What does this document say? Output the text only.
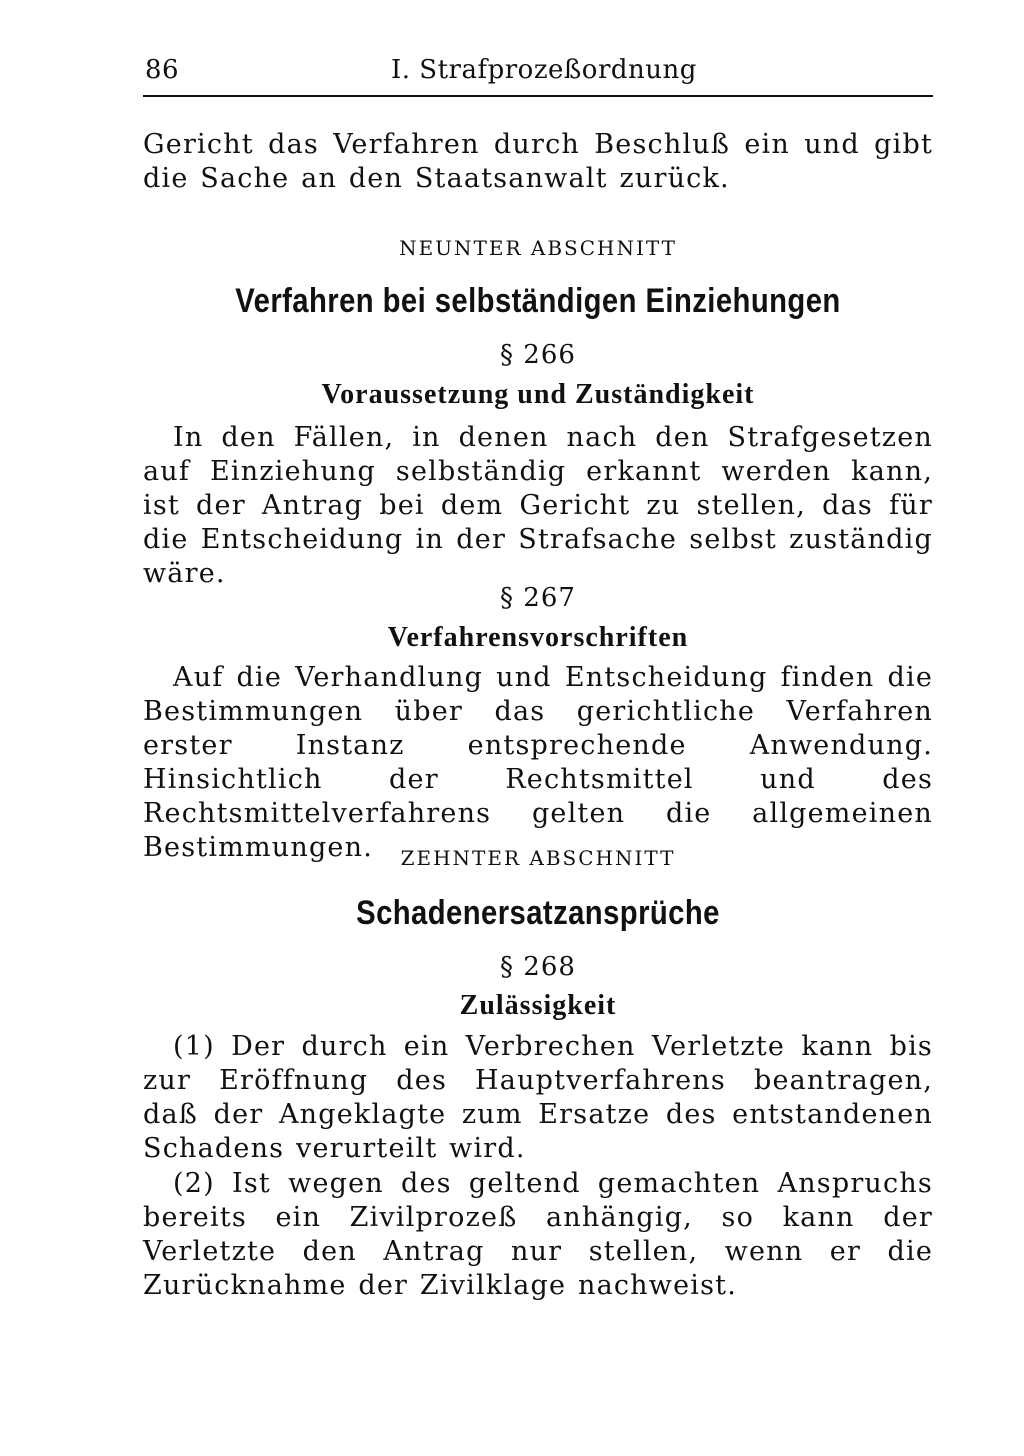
86	I. Strafprozeßordnung

Gericht das Verfahren durch Beschluß ein und gibt die Sache an den Staatsanwalt zurück.

NEUNTER ABSCHNITT
Verfahren bei selbständigen Einziehungen
§ 266
Voraussetzung und Zuständigkeit

In den Fällen, in denen nach den Strafgesetzen auf Einziehung selbständig erkannt werden kann, ist der Antrag bei dem Gericht zu stellen, das für die Entscheidung in der Strafsache selbst zuständig wäre.

§ 267
Verfahrensvorschriften

Auf die Verhandlung und Entscheidung finden die Bestimmungen über das gerichtliche Verfahren erster Instanz entsprechende Anwendung. Hinsichtlich der Rechtsmittel und des Rechtsmittelverfahrens gelten die allgemeinen Bestimmungen.	ZEHNTER ABSCHNITT
Schadenersatzansprüche
§ 268
Zulässigkeit

(1) Der durch ein Verbrechen Verletzte kann bis zur Eröffnung des Hauptverfahrens beantragen, daß der Angeklagte zum Ersatze des entstandenen Schadens verurteilt wird.

(2) Ist wegen des geltend gemachten Anspruchs bereits ein Zivilprozeß anhängig, so kann der Verletzte den Antrag nur stellen, wenn er die Zurücknahme der Zivilklage nachweist.
